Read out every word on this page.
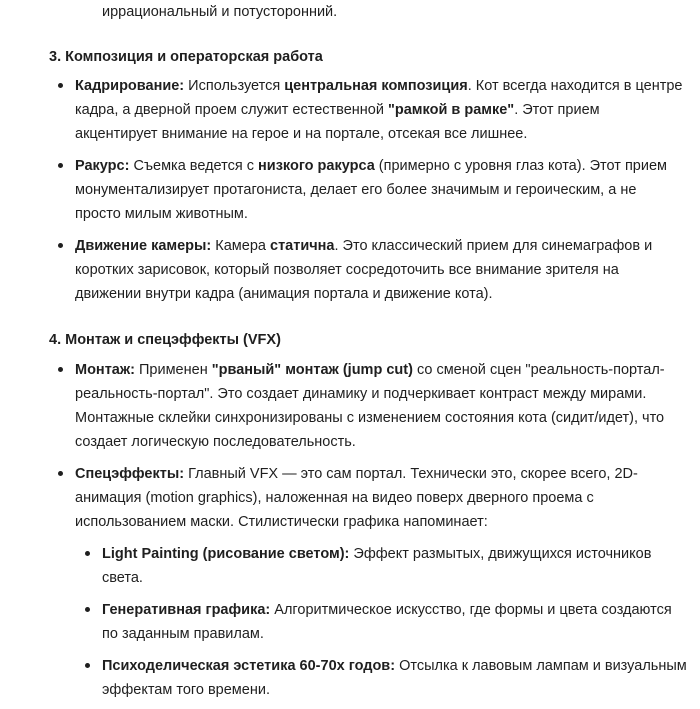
иррациональный и потусторонний.

3. Композиция и операторская работа
Кадрирование: Используется центральная композиция. Кот всегда находится в центре
кадра, а дверной проем служит естественной "рамкой в рамке". Этот прием
акцентирует внимание на герое и на портале, отсекая все лишнее.
Ракурс: Съемка ведется с низкого ракурса (примерно с уровня глаз кота). Этот прием
монументализирует протагониста, делает его более значимым и героическим, а не
просто милым животным.
Движение камеры: Камера статична. Это классический прием для синемаграфов и
коротких зарисовок, который позволяет сосредоточить все внимание зрителя на
движении внутри кадра (анимация портала и движение кота).
4. Монтаж и спецэффекты (VFX)
Монтаж: Применен "рваный" монтаж (jump cut) со сменой сцен "реальность-портал-
реальность-портал". Это создает динамику и подчеркивает контраст между мирами.
Монтажные склейки синхронизированы с изменением состояния кота (сидит/идет), что
создает логическую последовательность.
Спецэффекты: Главный VFX — это сам портал. Технически это, скорее всего, 2D-
анимация (motion graphics), наложенная на видео поверх дверного проема с
использованием маски. Стилистически графика напоминает:
Light Painting (рисование светом): Эффект размытых, движущихся источников
света.
Генеративная графика: Алгоритмическое искусство, где формы и цвета создаются
по заданным правилам.
Психоделическая эстетика 60-70х годов: Отсылка к лавовым лампам и визуальным
эффектам того времени.
